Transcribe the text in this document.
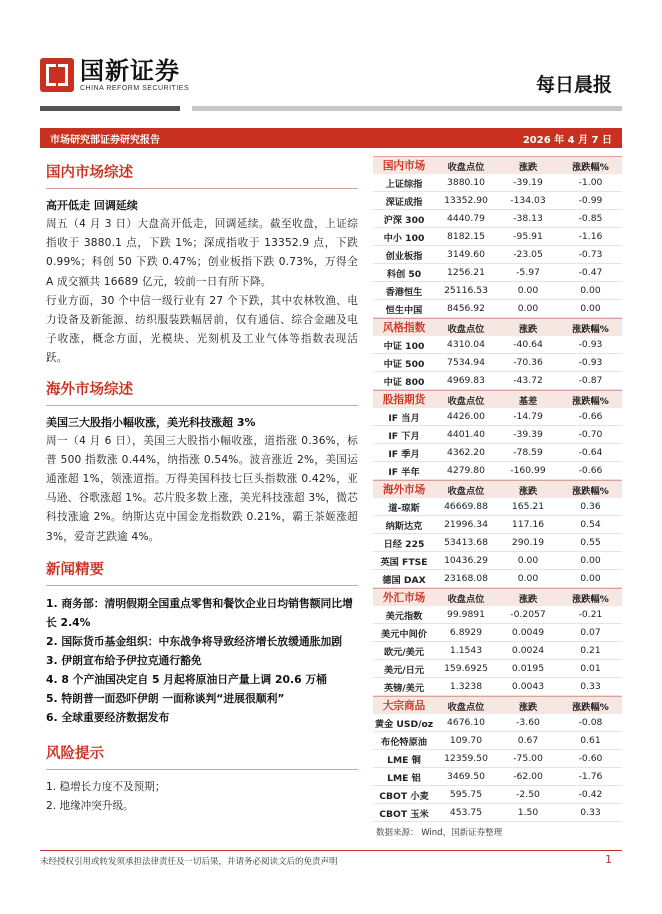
国新证券
CHINA REFORM SECURITIES	每日晨报
市场研究部证券研究报告	2026 年 4 月 7 日
国内市场综述
高开低走 回调延续
周五（4 月 3 日）大盘高开低走，回调延续。截至收盘，上证综指收于 3880.1 点，下跌 1%；深成指收于 13352.9 点，下跌 0.99%；科创 50 下跌 0.47%；创业板指下跌 0.73%，万得全 A 成交额共 16689 亿元，较前一日有所下降。
行业方面，30 个中信一级行业有 27 个下跌，其中农林牧渔、电力设备及新能源、纺织服装跌幅居前，仅有通信、综合金融及电子收涨，概念方面，光模块、光刻机及工业气体等指数表现活跃。
海外市场综述
美国三大股指小幅收涨，美光科技涨超 3%
周一（4 月 6 日），美国三大股指小幅收涨，道指涨 0.36%，标普 500 指数涨 0.44%，纳指涨 0.54%。波音涨近 2%，美国运通涨超 1%，领涨道指。万得美国科技七巨头指数涨 0.42%，亚马逊、谷歌涨超 1%。芯片股多数上涨，美光科技涨超 3%，微芯科技涨逾 2%。纳斯达克中国金龙指数跌 0.21%，霸王茶姬涨超 3%，爱奇艺跌逾 4%。
新闻精要
1. 商务部：清明假期全国重点零售和餐饮企业日均销售额同比增长 2.4%
2. 国际货币基金组织：中东战争将导致经济增长放缓通胀加剧
3. 伊朗宣布给予伊拉克通行豁免
4. 8 个产油国决定自 5 月起将原油日产量上调 20.6 万桶
5. 特朗普一面恐吓伊朗 一面称谈判“进展很顺利”
6. 全球重要经济数据发布
风险提示
1. 稳增长力度不及预期；
2. 地缘冲突升级。
国内市场	收盘点位	涨跌	涨跌幅%
上证综指	3880.10	-39.19	-1.00
深证成指	13352.90	-134.03	-0.99
沪深 300	4440.79	-38.13	-0.85
中小 100	8182.15	-95.91	-1.16
创业板指	3149.60	-23.05	-0.73
科创 50	1256.21	-5.97	-0.47
香港恒生	25116.53	0.00	0.00
恒生中国	8456.92	0.00	0.00
风格指数	收盘点位	涨跌	涨跌幅%
中证 100	4310.04	-40.64	-0.93
中证 500	7534.94	-70.36	-0.93
中证 800	4969.83	-43.72	-0.87
股指期货	收盘点位	基差	涨跌幅%
IF 当月	4426.00	-14.79	-0.66
IF 下月	4401.40	-39.39	-0.70
IF 季月	4362.20	-78.59	-0.64
IF 半年	4279.80	-160.99	-0.66
海外市场	收盘点位	涨跌	涨跌幅%
道-琼斯	46669.88	165.21	0.36
纳斯达克	21996.34	117.16	0.54
日经 225	53413.68	290.19	0.55
英国 FTSE	10436.29	0.00	0.00
德国 DAX	23168.08	0.00	0.00
外汇市场	收盘点位	涨跌	涨跌幅%
美元指数	99.9891	-0.2057	-0.21
美元中间价	6.8929	0.0049	0.07
欧元/美元	1.1543	0.0024	0.21
美元/日元	159.6925	0.0195	0.01
英镑/美元	1.3238	0.0043	0.33
大宗商品	收盘点位	涨跌	涨跌幅%
黄金 USD/oz	4676.10	-3.60	-0.08
布伦特原油	109.70	0.67	0.61
LME 铜	12359.50	-75.00	-0.60
LME 铝	3469.50	-62.00	-1.76
CBOT 小麦	595.75	-2.50	-0.42
CBOT 玉米	453.75	1.50	0.33
数据来源： Wind，国新证券整理
未经授权引用或转发须承担法律责任及一切后果，并请务必阅读文后的免责声明	1
